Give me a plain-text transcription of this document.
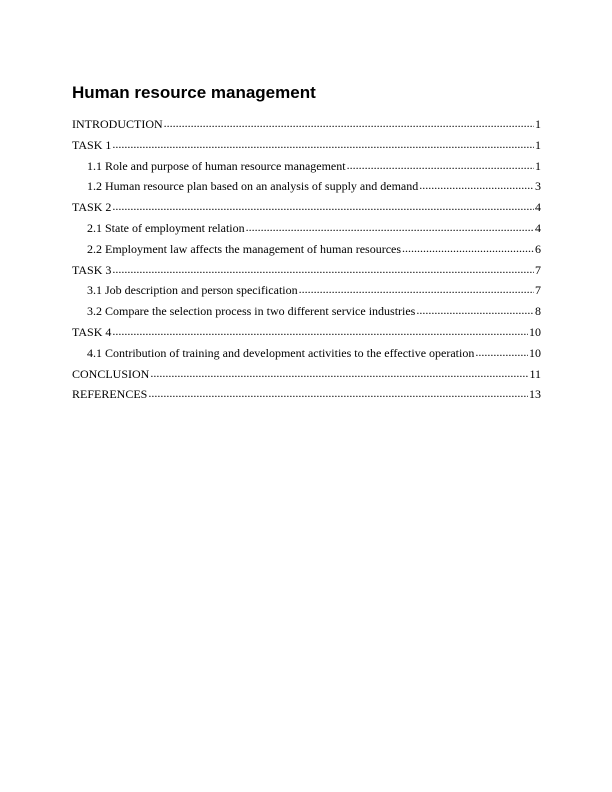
Human resource management
INTRODUCTION .....	1
TASK 1 .....	1
1.1 Role and purpose of human resource management .....	1
1.2 Human resource plan based on an analysis of supply and demand .....	3
TASK 2 .....	4
2.1 State of employment relation .....	4
2.2 Employment law affects the management of human resources .....	6
TASK 3 .....	7
3.1 Job description and person specification .....	7
3.2 Compare the selection process in two different service industries .....	8
TASK 4 .....	10
4.1 Contribution of training and development activities to the effective operation .....	10
CONCLUSION .....	11
REFERENCES .....	13
